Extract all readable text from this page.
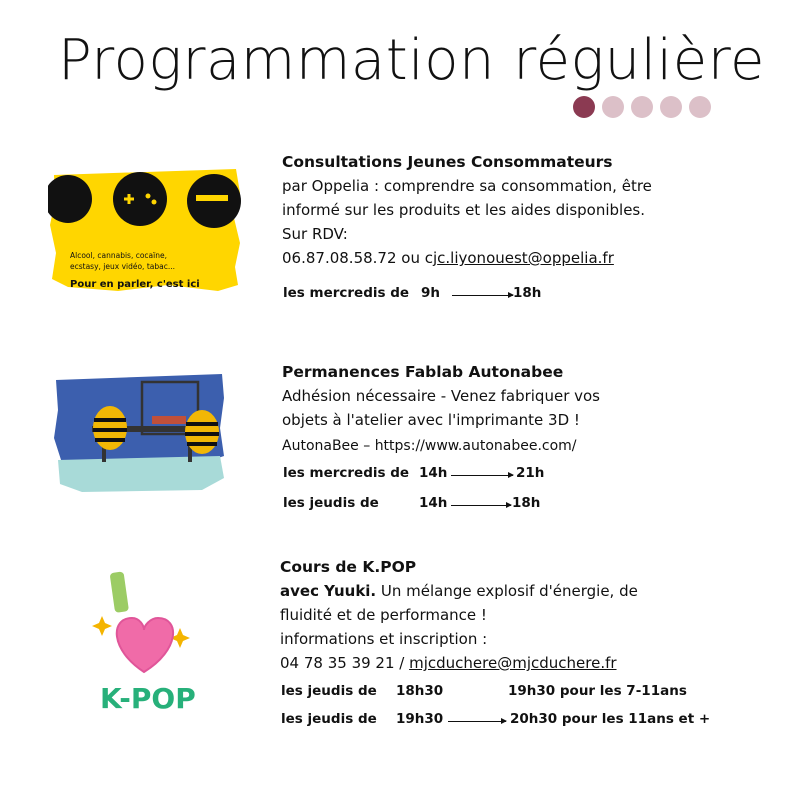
Programmation régulière
Alcool, cannabis, cocaïne,
ecstasy, jeux vidéo, tabac...
Pour en parler, c'est ici

Consultations Jeunes Consommateurs

par Oppelia : comprendre sa consommation, être

informé sur les produits et les aides disponibles.

Sur RDV:

06.87.08.58.72 ou cjc.liyonouest@oppelia.fr

les mercredis de 9h	18h

Permanences Fablab Autonabee

Adhésion nécessaire - Venez fabriquer vos

objets à l'atelier avec l'imprimante 3D !

AutonaBee – https://www.autonabee.com/

les mercredis de 14h	21h
les jeudis de	14h	18h
K-POP

Cours de K.POP

avec Yuuki. Un mélange explosif d'énergie, de

fluidité et de performance !

informations et inscription :

04 78 35 39 21 / mjcduchere@mjcduchere.fr

les jeudis de 18h30	19h30 pour les 7-11ans
les jeudis de 19h30	20h30 pour les 11ans et +
